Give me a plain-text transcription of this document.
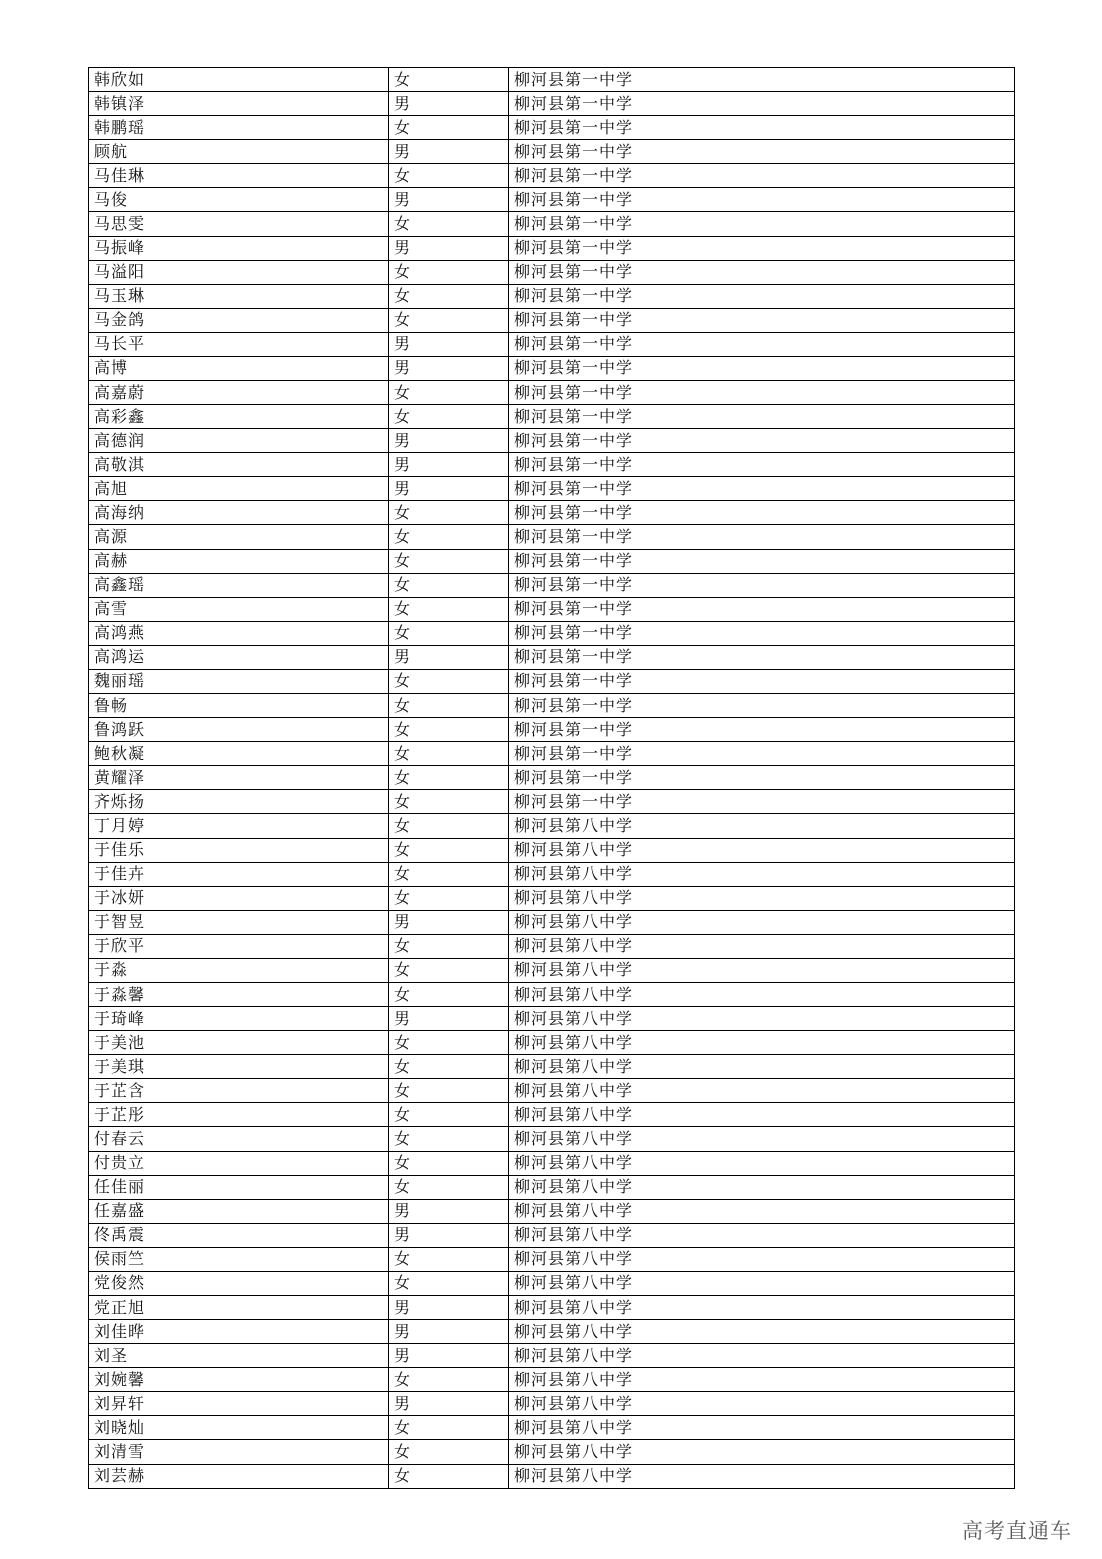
韩欣如	女	柳河县第一中学
韩镇泽	男	柳河县第一中学
韩鹏瑶	女	柳河县第一中学
顾航	男	柳河县第一中学
马佳琳	女	柳河县第一中学
马俊	男	柳河县第一中学
马思雯	女	柳河县第一中学
马振峰	男	柳河县第一中学
马溢阳	女	柳河县第一中学
马玉琳	女	柳河县第一中学
马金鸽	女	柳河县第一中学
马长平	男	柳河县第一中学
高博	男	柳河县第一中学
高嘉蔚	女	柳河县第一中学
高彩鑫	女	柳河县第一中学
高德润	男	柳河县第一中学
高敬淇	男	柳河县第一中学
高旭	男	柳河县第一中学
高海纳	女	柳河县第一中学
高源	女	柳河县第一中学
高赫	女	柳河县第一中学
高鑫瑶	女	柳河县第一中学
高雪	女	柳河县第一中学
高鸿燕	女	柳河县第一中学
高鸿运	男	柳河县第一中学
魏丽瑶	女	柳河县第一中学
鲁畅	女	柳河县第一中学
鲁鸿跃	女	柳河县第一中学
鲍秋凝	女	柳河县第一中学
黄耀泽	女	柳河县第一中学
齐烁扬	女	柳河县第一中学
丁月婷	女	柳河县第八中学
于佳乐	女	柳河县第八中学
于佳卉	女	柳河县第八中学
于冰妍	女	柳河县第八中学
于智昱	男	柳河县第八中学
于欣平	女	柳河县第八中学
于淼	女	柳河县第八中学
于淼馨	女	柳河县第八中学
于琦峰	男	柳河县第八中学
于美池	女	柳河县第八中学
于美琪	女	柳河县第八中学
于芷含	女	柳河县第八中学
于芷彤	女	柳河县第八中学
付春云	女	柳河县第八中学
付贵立	女	柳河县第八中学
任佳丽	女	柳河县第八中学
任嘉盛	男	柳河县第八中学
佟禹震	男	柳河县第八中学
侯雨竺	女	柳河县第八中学
党俊然	女	柳河县第八中学
党正旭	男	柳河县第八中学
刘佳晔	男	柳河县第八中学
刘圣	男	柳河县第八中学
刘婉馨	女	柳河县第八中学
刘昇轩	男	柳河县第八中学
刘晓灿	女	柳河县第八中学
刘清雪	女	柳河县第八中学
刘芸赫	女	柳河县第八中学
高考直通车
